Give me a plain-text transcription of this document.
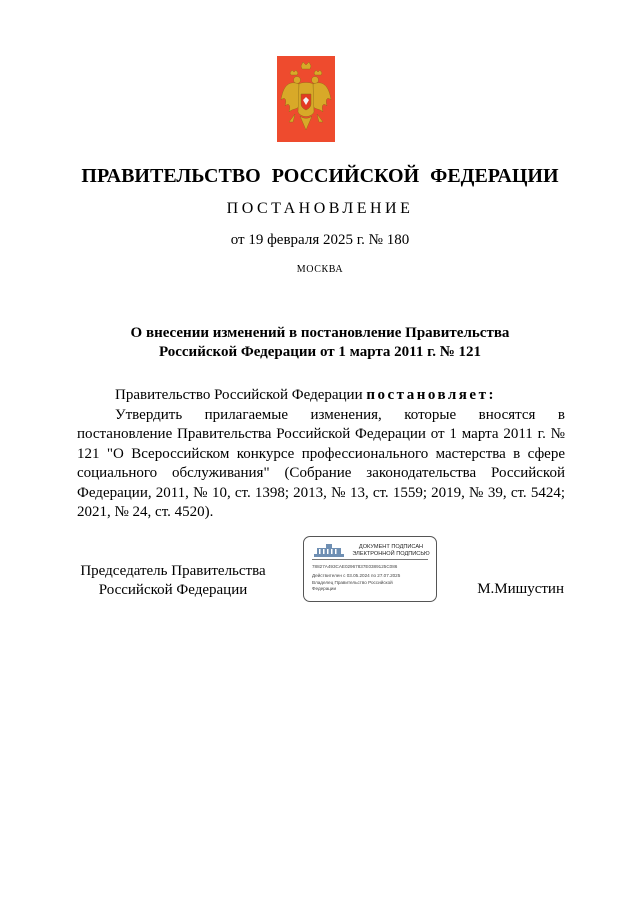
ПРАВИТЕЛЬСТВО РОССИЙСКОЙ ФЕДЕРАЦИИ
ПОСТАНОВЛЕНИЕ
от 19 февраля 2025 г. № 180
МОСКВА
О внесении изменений в постановление Правительства
Российской Федерации от 1 марта 2011 г. № 121

Правительство Российской Федерации постановляет:

Утвердить прилагаемые изменения, которые вносятся в постановление Правительства Российской Федерации от 1 марта 2011 г. № 121 "О Всероссийском конкурсе профессионального мастерства в сфере социального обслуживания" (Собрание законодательства Российской Федерации, 2011, № 10, ст. 1398; 2013, № 13, ст. 1559; 2019, № 39, ст. 5424; 2021, № 24, ст. 4520).

Председатель Правительства
Российской Федерации
ДОКУМЕНТ ПОДПИСАН
ЭЛЕКТРОННОЙ ПОДПИСЬЮ
78827A493CAE02967837E0389125C086
Действителен с 03.05.2024 по 27.07.2025
Владелец Правительство Российской
Федерации	М.Мишустин
